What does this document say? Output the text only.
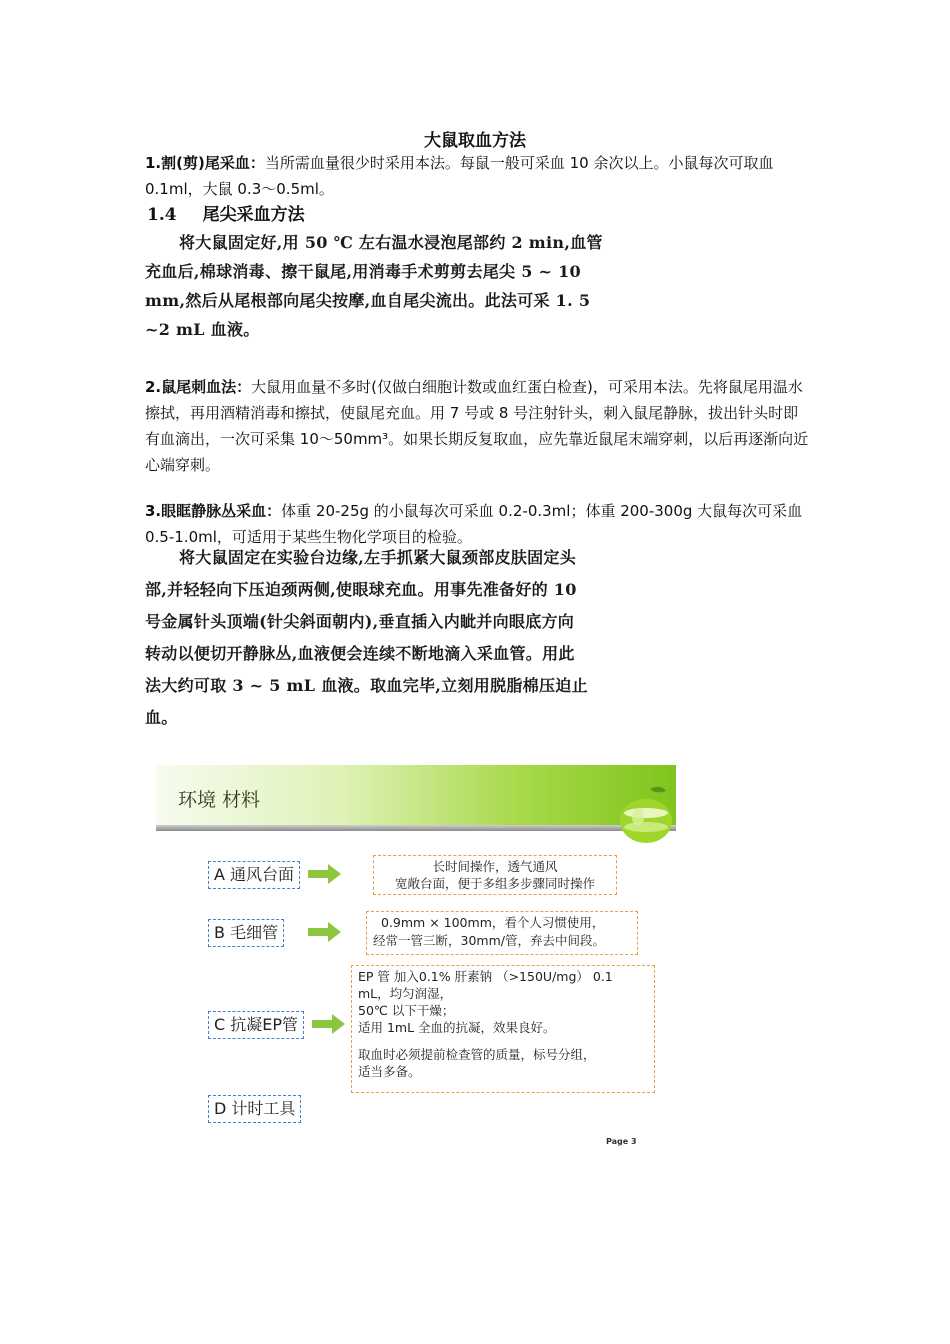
大鼠取血方法
1.割(剪)尾采血：当所需血量很少时采用本法。每鼠一般可采血 10 余次以上。小鼠每次可取血 0.1ml，大鼠 0.3～0.5ml。
1.4 尾尖采血方法
将大鼠固定好,用 50 ℃ 左右温水浸泡尾部约 2 min,血管
充血后,棉球消毒、擦干鼠尾,用消毒手术剪剪去尾尖 5 ~ 10
mm,然后从尾根部向尾尖按摩,血自尾尖流出。此法可采 1. 5
~2 mL 血液。
2.鼠尾刺血法：大鼠用血量不多时(仅做白细胞计数或血红蛋白检查)，可采用本法。先将鼠尾用温水擦拭，再用酒精消毒和擦拭，使鼠尾充血。用 7 号或 8 号注射针头，刺入鼠尾静脉，拔出针头时即有血滴出，一次可采集 10～50mm³。如果长期反复取血，应先靠近鼠尾末端穿刺，以后再逐渐向近心端穿刺。
3.眼眶静脉丛采血：体重 20-25g 的小鼠每次可采血 0.2-0.3ml；体重 200-300g 大鼠每次可采血 0.5-1.0ml，可适用于某些生物化学项目的检验。
将大鼠固定在实验台边缘,左手抓紧大鼠颈部皮肤固定头
部,并轻轻向下压迫颈两侧,使眼球充血。用事先准备好的 10
号金属针头顶端(针尖斜面朝内),垂直插入内眦并向眼底方向
转动以便切开静脉丛,血液便会连续不断地滴入采血管。用此
法大约可取 3 ~ 5 mL 血液。取血完毕,立刻用脱脂棉压迫止
血。
环境 材料
A 通风台面	长时间操作，透气通风
宽敞台面，便于多组多步骤同时操作
B 毛细管
0.9mm × 100mm，看个人习惯使用，
经常一管三断，30mm/管，弃去中间段。
C 抗凝EP管
EP 管 加入0.1% 肝素钠 （>150U/mg） 0.1
mL，均匀润湿，
50℃ 以下干燥；
适用 1mL 全血的抗凝，效果良好。
取血时必须提前检查管的质量，标号分组，
适当多备。
D 计时工具
Page 3
